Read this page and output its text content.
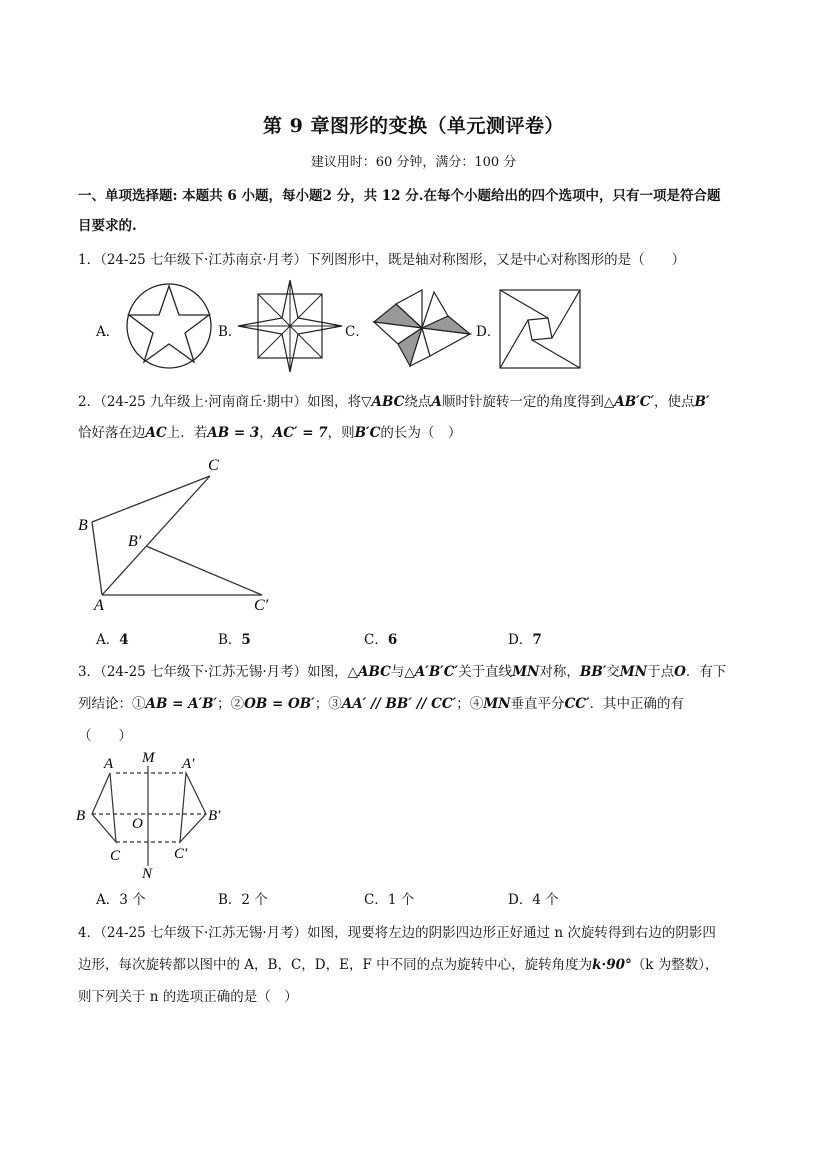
第 9 章图形的变换（单元测评卷）
建议用时：60 分钟，满分：100 分
一、单项选择题: 本题共 6 小题，每小题2 分，共 12 分.在每个小题给出的四个选项中，只有一项是符合题
目要求的.
1．（24-25 七年级下·江苏南京·月考）下列图形中，既是轴对称图形，又是中心对称图形的是（　　）
A．	B．	C．	D．
2．（24-25 九年级上·河南商丘·期中）如图，将▽ABC绕点A顺时针旋转一定的角度得到△AB′C′，使点B′
恰好落在边AC上．若AB = 3，AC′ = 7，则B′C的长为（　）
B
C
B′
A	C′
A．4	B．5	C．6	D．7
3．（24-25 七年级下·江苏无锡·月考）如图，△ABC与△A′B′C′关于直线MN对称，BB′交MN于点O．有下
列结论：①AB = A′B′；②OB = OB′；③AA′ // BB′ // CC′；④MN垂直平分CC′．其中正确的有
（　　）
M
N
A	A′
B	B′
O
C	C′
A．3 个	B．2 个	C．1 个	D．4 个
4．（24-25 七年级下·江苏无锡·月考）如图，现要将左边的阴影四边形正好通过 n 次旋转得到右边的阴影四
边形，每次旋转都以图中的 A，B，C，D，E，F 中不同的点为旋转中心，旋转角度为k·90°（k 为整数），
则下列关于 n 的选项正确的是（　）
